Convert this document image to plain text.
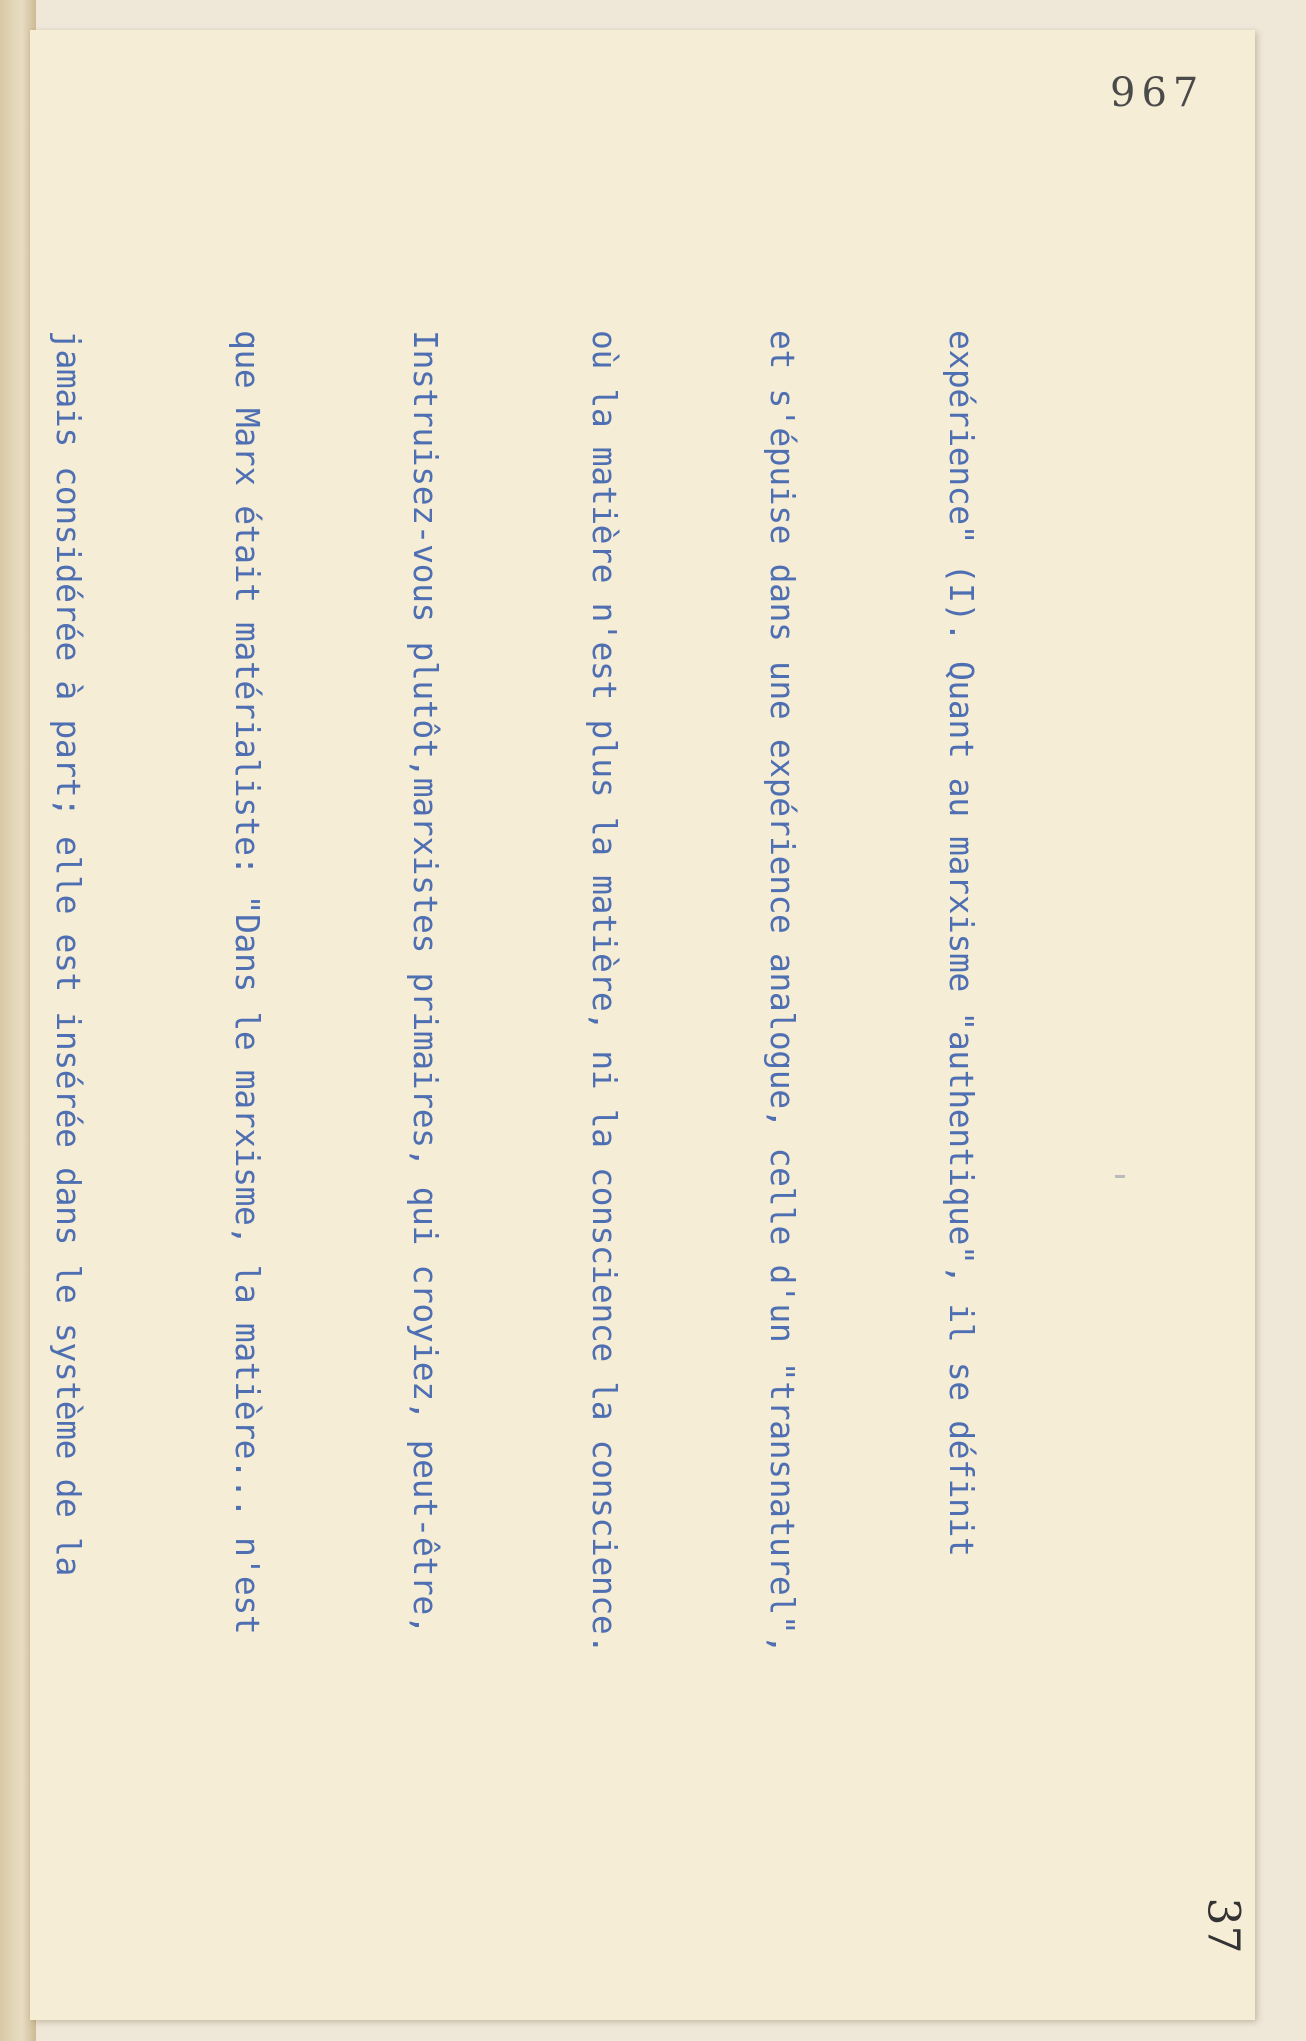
967

37

expérience" (I). Quant au marxisme "authentique", il se définit

et s'épuise dans une expérience analogue, celle d'un "transnaturel",

où la matière n'est plus la matière, ni la conscience la conscience.

Instruisez-vous plutôt,marxistes primaires, qui croyiez, peut-être,

que Marx était matérialiste: "Dans le marxisme, la matière... n'est

jamais considérée à part; elle est insérée dans le système de la
